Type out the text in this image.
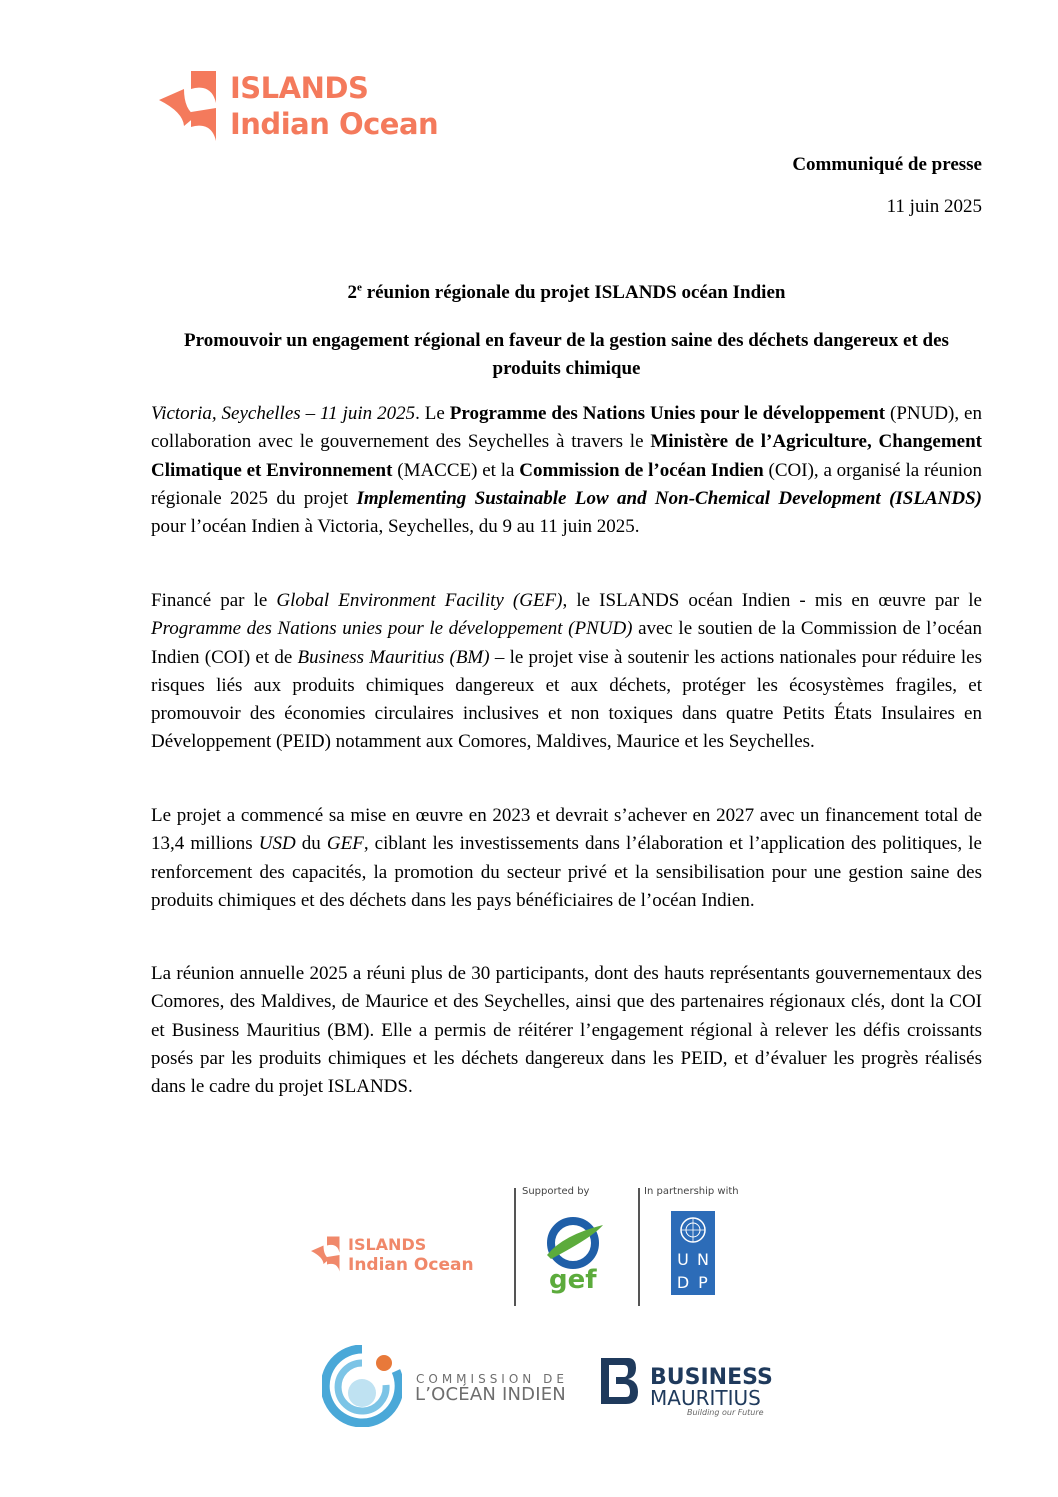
ISLANDS
Indian Ocean
Communiqué de presse
11 juin 2025
2e réunion régionale du projet ISLANDS océan Indien
Promouvoir un engagement régional en faveur de la gestion saine des déchets dangereux et des produits chimique
Victoria, Seychelles – 11 juin 2025. Le Programme des Nations Unies pour le développement (PNUD), en collaboration avec le gouvernement des Seychelles à travers le Ministère de l’Agriculture, Changement Climatique et Environnement (MACCE) et la Commission de l’océan Indien (COI), a organisé la réunion régionale 2025 du projet Implementing Sustainable Low and Non-Chemical Development (ISLANDS) pour l’océan Indien à Victoria, Seychelles, du 9 au 11 juin 2025.
Financé par le Global Environment Facility (GEF), le ISLANDS océan Indien - mis en œuvre par le Programme des Nations unies pour le développement (PNUD) avec le soutien de la Commission de l’océan Indien (COI) et de Business Mauritius (BM) – le projet vise à soutenir les actions nationales pour réduire les risques liés aux produits chimiques dangereux et aux déchets, protéger les écosystèmes fragiles, et promouvoir des économies circulaires inclusives et non toxiques dans quatre Petits États Insulaires en Développement (PEID) notamment aux Comores, Maldives, Maurice et les Seychelles.
Le projet a commencé sa mise en œuvre en 2023 et devrait s’achever en 2027 avec un financement total de 13,4 millions USD du GEF, ciblant les investissements dans l’élaboration et l’application des politiques, le renforcement des capacités, la promotion du secteur privé et la sensibilisation pour une gestion saine des produits chimiques et des déchets dans les pays bénéficiaires de l’océan Indien.
La réunion annuelle 2025 a réuni plus de 30 participants, dont des hauts représentants gouvernementaux des Comores, des Maldives, de Maurice et des Seychelles, ainsi que des partenaires régionaux clés, dont la COI et Business Mauritius (BM). Elle a permis de réitérer l’engagement régional à relever les défis croissants posés par les produits chimiques et les déchets dangereux dans les PEID, et d’évaluer les progrès réalisés dans le cadre du projet ISLANDS.
ISLANDS
Indian Ocean
Supported by
gef
In partnership with
U N
D P
COMMISSION DE
L’OCÉAN INDIEN
BUSINESS
MAURITIUS
Building our Future
